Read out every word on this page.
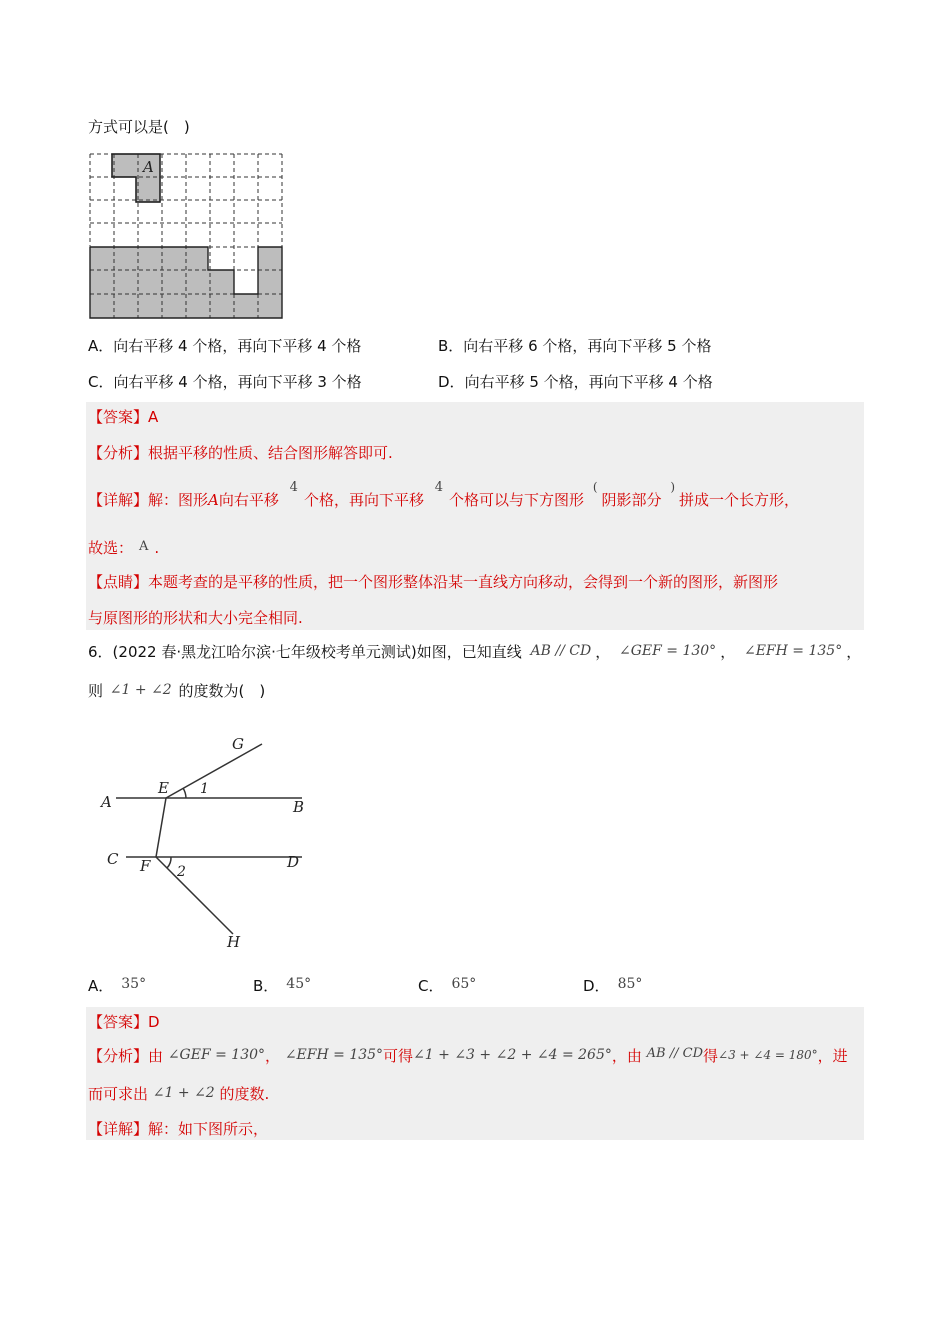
方式可以是(　)
A
A．向右平移 4 个格，再向下平移 4 个格	B．向右平移 6 个格，再向下平移 5 个格
C．向右平移 4 个格，再向下平移 3 个格	D．向右平移 5 个格，再向下平移 4 个格
【答案】A
【分析】根据平移的性质、结合图形解答即可.
【详解】解：图形A向右平移 4个格，再向下平移 4个格可以与下方图形 (阴影部分 )拼成一个长方形，
故选： A .
【点睛】本题考查的是平移的性质，把一个图形整体沿某一直线方向移动，会得到一个新的图形，新图形
与原图形的形状和大小完全相同.
6．(2022 春·黑龙江哈尔滨·七年级校考单元测试)如图，已知直线 AB // CD ， ∠GEF = 130° ， ∠EFH = 135° ，
则 ∠1 + ∠2 的度数为(　)
G
E 1
A	B
C F 2
D
H
A． 35°	B． 45°	C． 65°	D． 85°
【答案】D
【分析】由 ∠GEF = 130°， ∠EFH = 135°可得∠1 + ∠3 + ∠2 + ∠4 = 265°，由 AB // CD得∠3 + ∠4 = 180°，进
而可求出 ∠1 + ∠2 的度数.
【详解】解：如下图所示，
